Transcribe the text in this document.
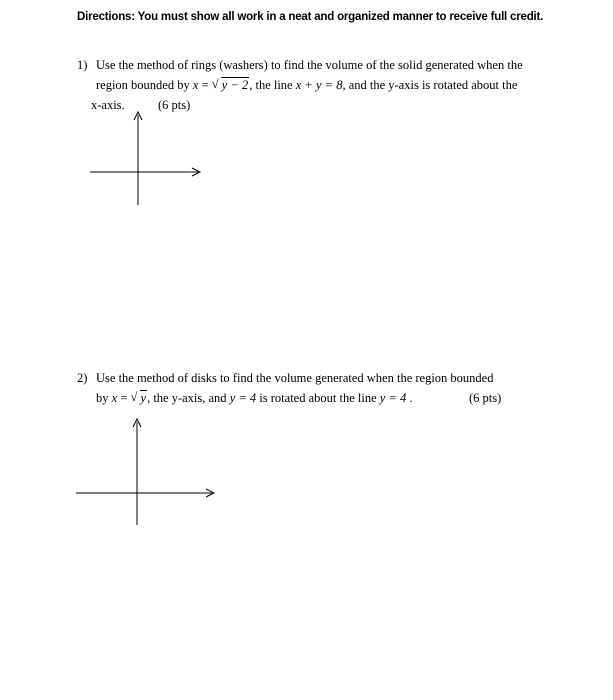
Directions: You must show all work in a neat and organized manner to receive full credit.
1) Use the method of rings (washers) to find the volume of the solid generated when the
region bounded by x = √ y − 2, the line x + y = 8, and the y-axis is rotated about the
x-axis.	(6 pts)
2) Use the method of disks to find the volume generated when the region bounded
by x = √ y, the y-axis, and y = 4 is rotated about the line y = 4 .	(6 pts)
